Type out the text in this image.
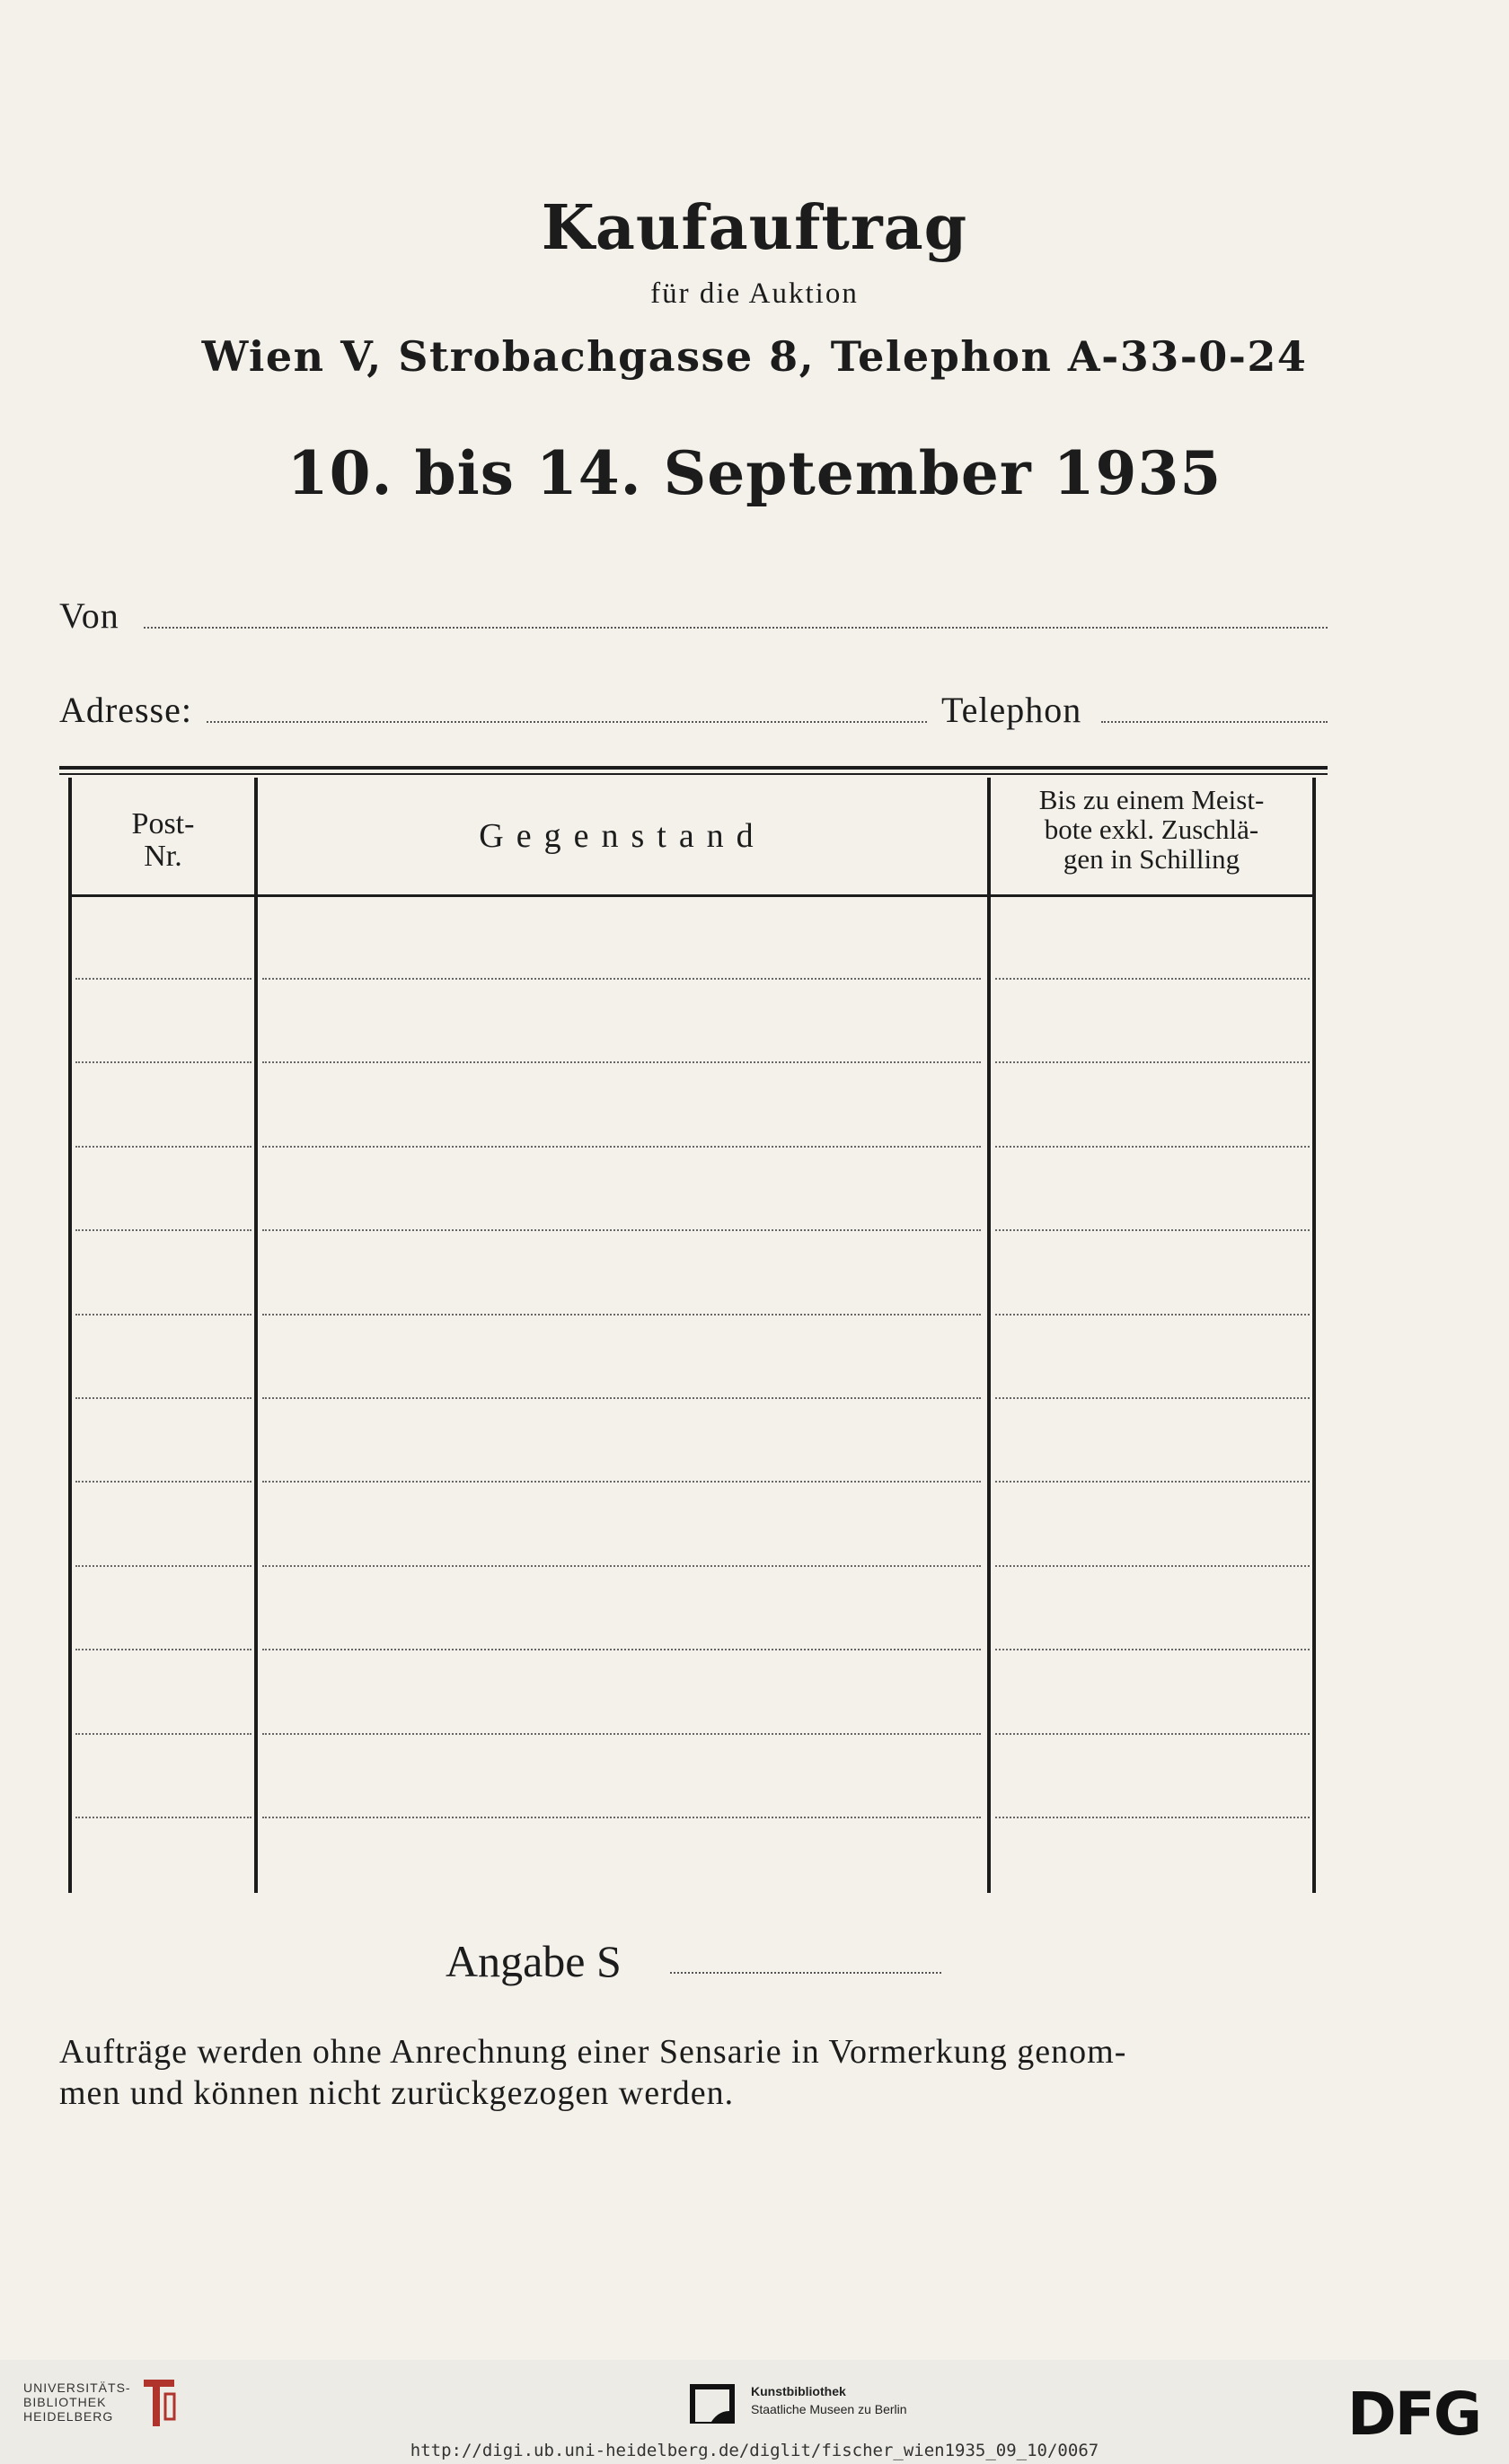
Kaufauftrag
für die Auktion
Wien V, Strobachgasse 8, Telephon A-33-0-24
10. bis 14. September 1935
Von
Adresse:	Telephon
Post-
Nr.
Gegenstand
Bis zu einem Meist-
bote exkl. Zuschlä-
gen in Schilling
Angabe S
Aufträge werden ohne Anrechnung einer Sensarie in Vormerkung genom-
men und können nicht zurückgezogen werden.
UNIVERSITÄTS-
BIBLIOTHEK
HEIDELBERG
Kunstbibliothek
Staatliche Museen zu Berlin	DFG
http://digi.ub.uni-heidelberg.de/diglit/fischer_wien1935_09_10/0067
